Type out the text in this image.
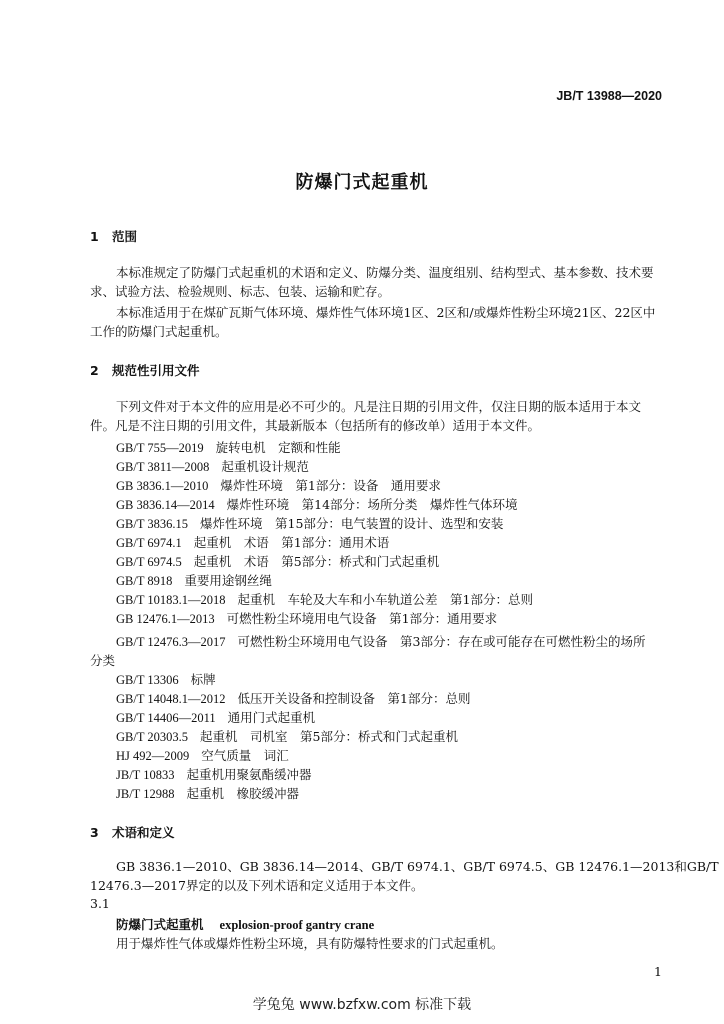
JB/T 13988—2020
防爆门式起重机
1 范围
本标准规定了防爆门式起重机的术语和定义、防爆分类、温度组别、结构型式、基本参数、技术要求、试验方法、检验规则、标志、包装、运输和贮存。
本标准适用于在煤矿瓦斯气体环境、爆炸性气体环境1区、2区和/或爆炸性粉尘环境21区、22区中工作的防爆门式起重机。
2 规范性引用文件
下列文件对于本文件的应用是必不可少的。凡是注日期的引用文件，仅注日期的版本适用于本文件。凡是不注日期的引用文件，其最新版本（包括所有的修改单）适用于本文件。
GB/T 755—2019 旋转电机　定额和性能
GB/T 3811—2008 起重机设计规范
GB 3836.1—2010 爆炸性环境　第1部分：设备　通用要求
GB 3836.14—2014 爆炸性环境　第14部分：场所分类　爆炸性气体环境
GB/T 3836.15 爆炸性环境　第15部分：电气装置的设计、选型和安装
GB/T 6974.1 起重机　术语　第1部分：通用术语
GB/T 6974.5 起重机　术语　第5部分：桥式和门式起重机
GB/T 8918 重要用途钢丝绳
GB/T 10183.1—2018 起重机　车轮及大车和小车轨道公差　第1部分：总则
GB 12476.1—2013 可燃性粉尘环境用电气设备　第1部分：通用要求
GB/T 12476.3—2017 可燃性粉尘环境用电气设备　第3部分：存在或可能存在可燃性粉尘的场所
GB/T 13306 标牌
GB/T 14048.1—2012 低压开关设备和控制设备　第1部分：总则
GB/T 14406—2011 通用门式起重机
GB/T 20303.5 起重机　司机室　第5部分：桥式和门式起重机
HJ 492—2009 空气质量　词汇
JB/T 10833 起重机用聚氨酯缓冲器
JB/T 12988 起重机　橡胶缓冲器
分类
3 术语和定义
GB 3836.1—2010、GB 3836.14—2014、GB/T 6974.1、GB/T 6974.5、GB 12476.1—2013和GB/T
12476.3—2017界定的以及下列术语和定义适用于本文件。
3.1
防爆门式起重机 explosion-proof gantry crane
用于爆炸性气体或爆炸性粉尘环境，具有防爆特性要求的门式起重机。
1
学兔兔 www.bzfxw.com 标准下载
